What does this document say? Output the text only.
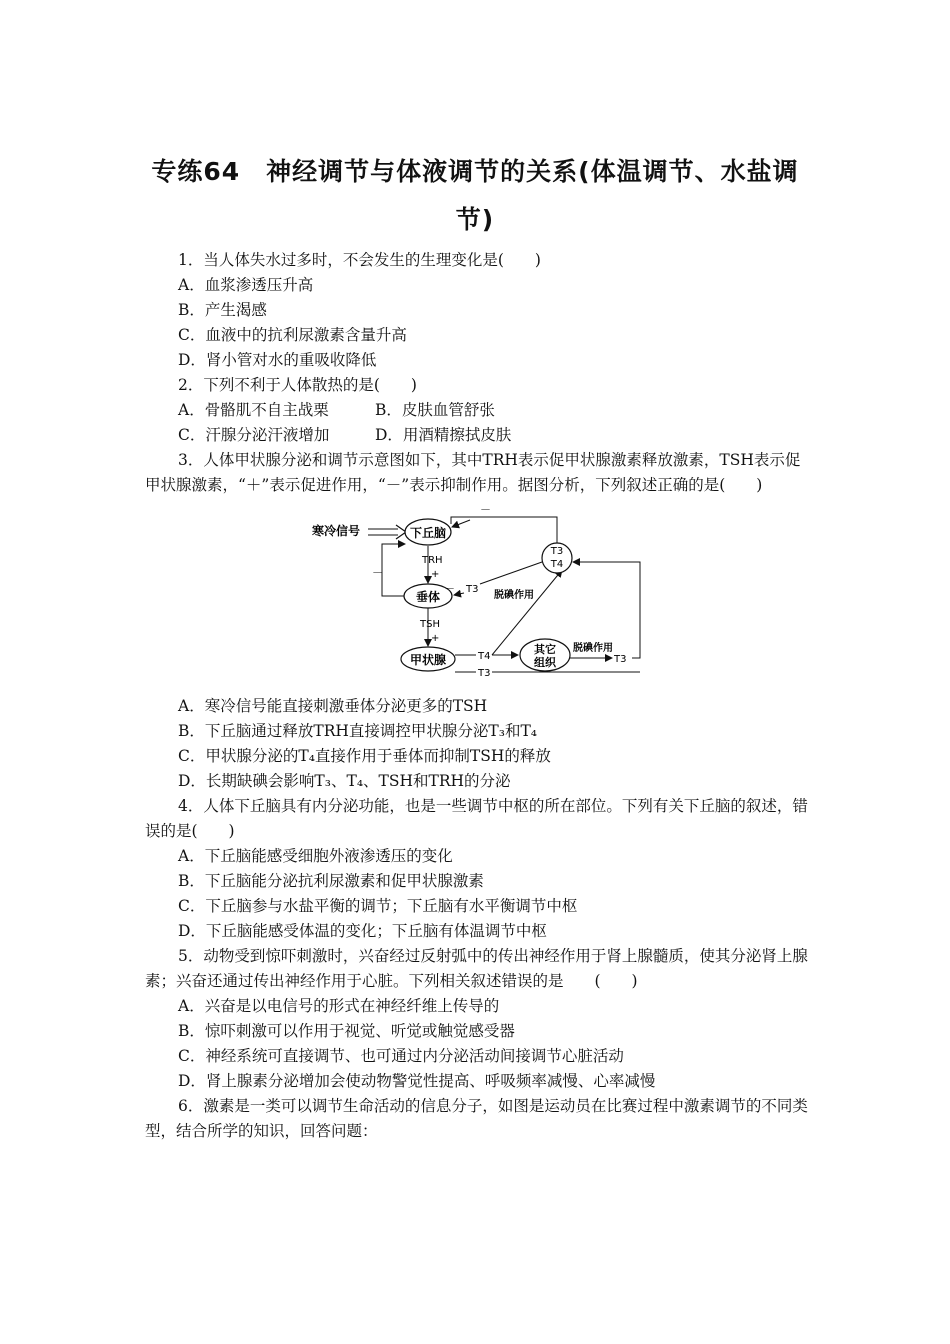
专练64　神经调节与体液调节的关系(体温调节、水盐调节)

1．当人体失水过多时，不会发生的生理变化是(　　)

A．血浆渗透压升高

B．产生渴感

C．血液中的抗利尿激素含量升高

D．肾小管对水的重吸收降低

2．下列不利于人体散热的是(　　)

A．骨骼肌不自主战栗	B．皮肤血管舒张
C．汗腺分泌汗液增加	D．用酒精擦拭皮肤

3．人体甲状腺分泌和调节示意图如下，其中TRH表示促甲状腺激素释放激素，TSH表示促甲状腺激素，“＋”表示促进作用，“－”表示抑制作用。据图分析，下列叙述正确的是(　　)

寒冷信号	下丘脑
TRH
+
垂体
－
TSH
+
甲状腺	T4
T3
其它
组织
脱碘作用
T3
T3
T4
－
T3
－
脱碘作用

A．寒冷信号能直接刺激垂体分泌更多的TSH

B．下丘脑通过释放TRH直接调控甲状腺分泌T₃和T₄

C．甲状腺分泌的T₄直接作用于垂体而抑制TSH的释放

D．长期缺碘会影响T₃、T₄、TSH和TRH的分泌

4．人体下丘脑具有内分泌功能，也是一些调节中枢的所在部位。下列有关下丘脑的叙述，错误的是(　　)

A．下丘脑能感受细胞外液渗透压的变化

B．下丘脑能分泌抗利尿激素和促甲状腺激素

C．下丘脑参与水盐平衡的调节；下丘脑有水平衡调节中枢

D．下丘脑能感受体温的变化；下丘脑有体温调节中枢

5．动物受到惊吓刺激时，兴奋经过反射弧中的传出神经作用于肾上腺髓质，使其分泌肾上腺素；兴奋还通过传出神经作用于心脏。下列相关叙述错误的是　　(　　)

A．兴奋是以电信号的形式在神经纤维上传导的

B．惊吓刺激可以作用于视觉、听觉或触觉感受器

C．神经系统可直接调节、也可通过内分泌活动间接调节心脏活动

D．肾上腺素分泌增加会使动物警觉性提高、呼吸频率减慢、心率减慢

6．激素是一类可以调节生命活动的信息分子，如图是运动员在比赛过程中激素调节的不同类型，结合所学的知识，回答问题：
